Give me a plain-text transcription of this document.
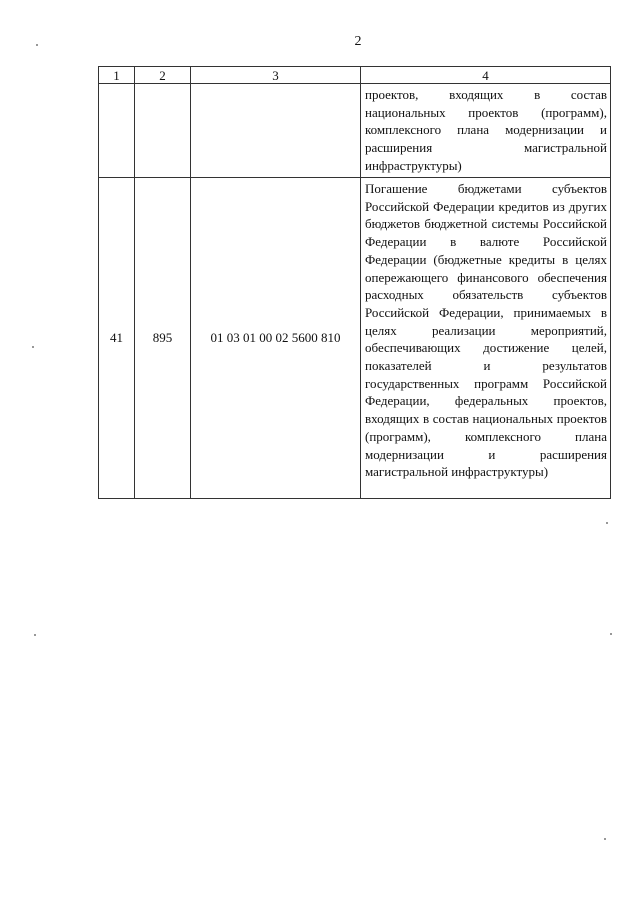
2
1	2	3	4
			проектов, входящих в состав национальных проектов (программ), комплексного плана модернизации и расширения магистральной инфраструктуры)
41	895	01 03 01 00 02 5600 810	Погашение бюджетами субъектов Российской Федерации кредитов из других бюджетов бюджетной системы Российской Федерации в валюте Российской Федерации (бюджетные кредиты в целях опережающего финансового обеспечения расходных обязательств субъектов Российской Федерации, принимаемых в целях реализации мероприятий, обеспечивающих достижение целей, показателей и результатов государственных программ Российской Федерации, федеральных проектов, входящих в состав национальных проектов (программ), комплексного плана модернизации и расширения магистральной инфраструктуры)
